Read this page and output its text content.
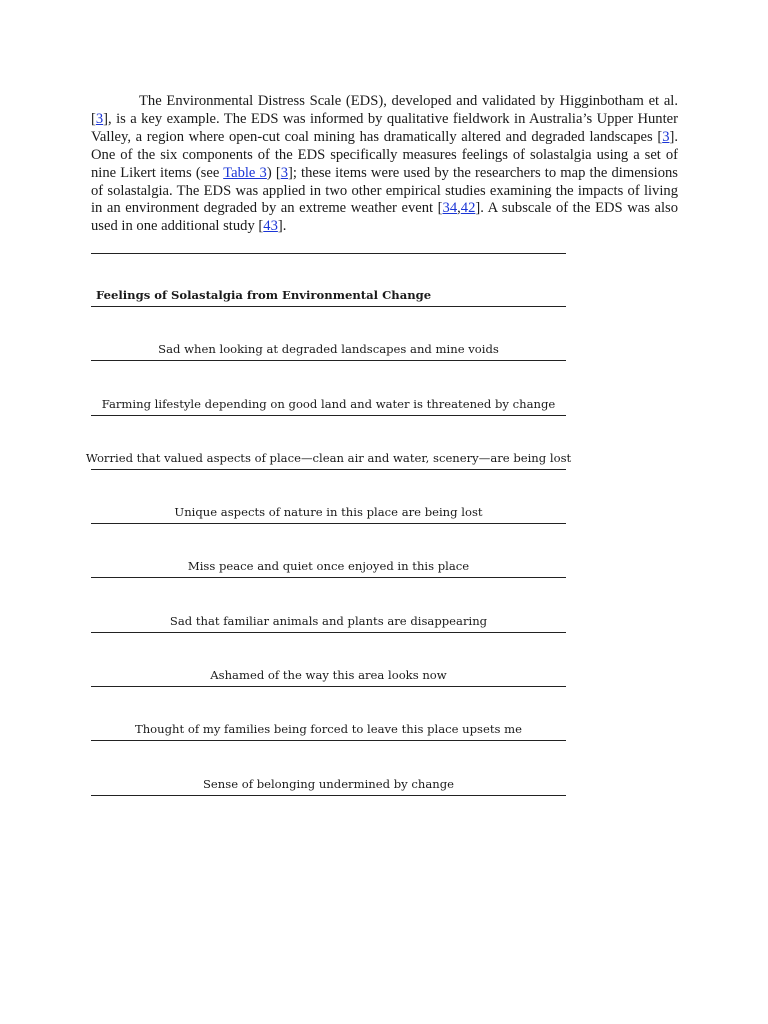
The Environmental Distress Scale (EDS), developed and validated by Higginbotham et al. [3], is a key example. The EDS was informed by qualitative fieldwork in Australia’s Upper Hunter Valley, a region where open-cut coal mining has dramatically altered and degraded landscapes [3]. One of the six components of the EDS specifically measures feelings of solastalgia using a set of nine Likert items (see Table 3) [3]; these items were used by the researchers to map the dimensions of solastalgia. The EDS was applied in two other empirical studies examining the impacts of living in an environment degraded by an extreme weather event [34,42]. A subscale of the EDS was also used in one additional study [43].

Feelings of Solastalgia from Environmental Change
Sad when looking at degraded landscapes and mine voids
Farming lifestyle depending on good land and water is threatened by change
Worried that valued aspects of place—clean air and water, scenery—are being lost
Unique aspects of nature in this place are being lost
Miss peace and quiet once enjoyed in this place
Sad that familiar animals and plants are disappearing
Ashamed of the way this area looks now
Thought of my families being forced to leave this place upsets me
Sense of belonging undermined by change
